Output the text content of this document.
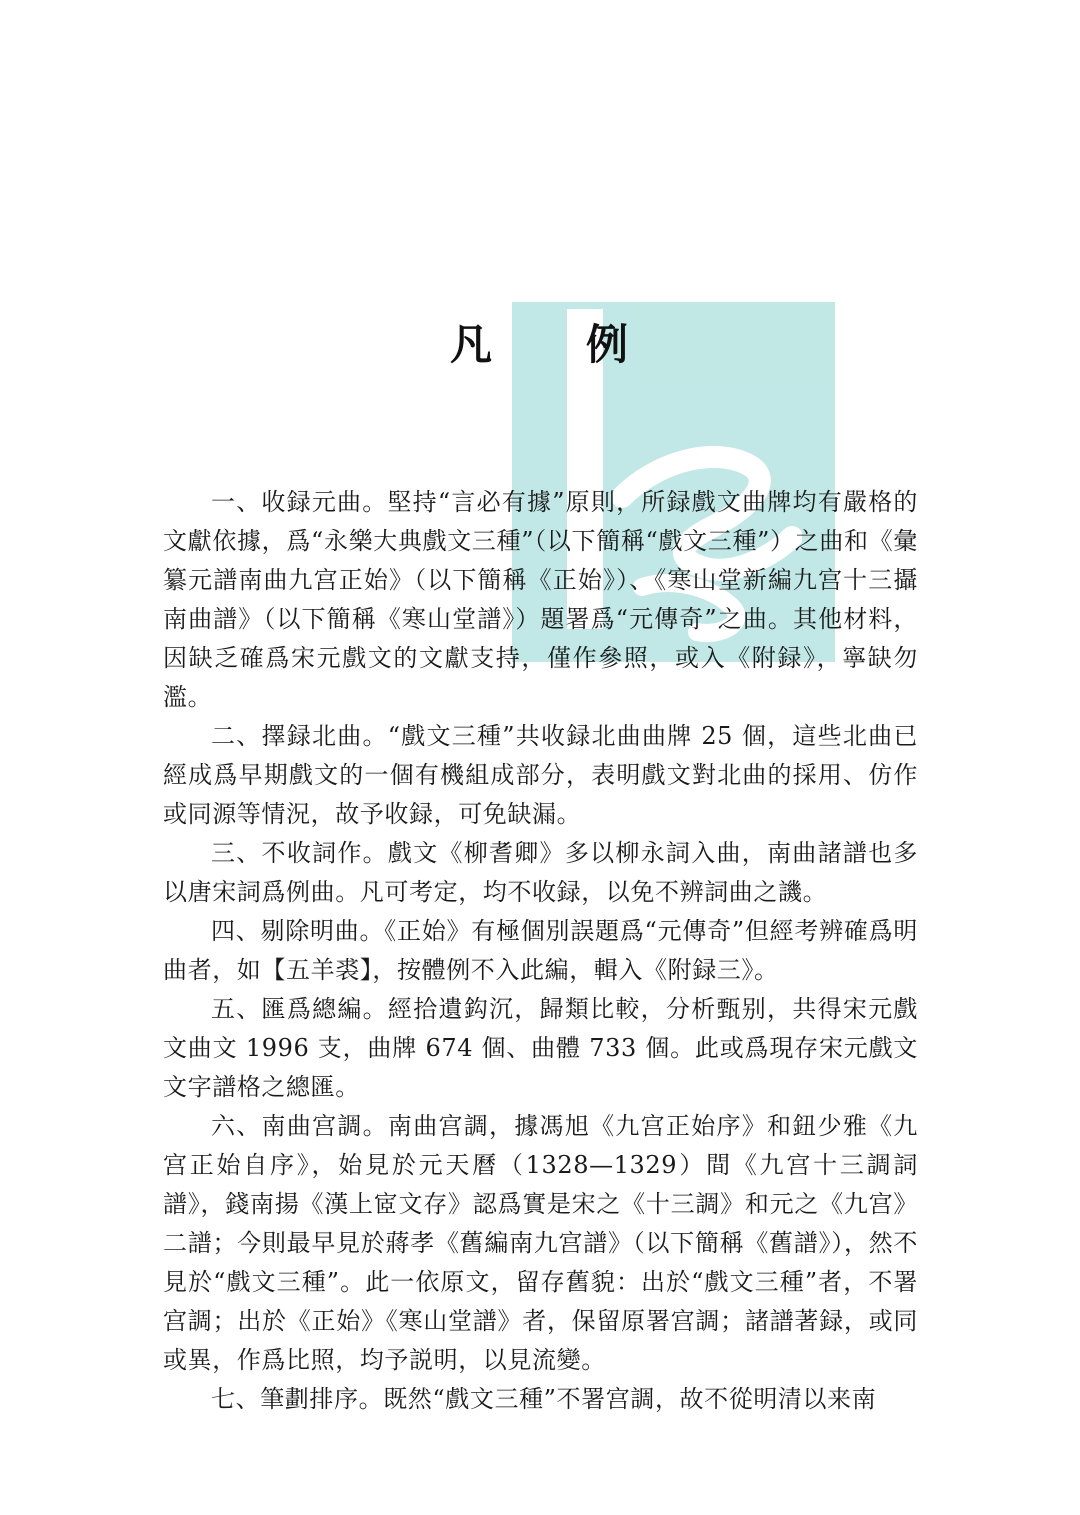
凡 例

一、收録元曲。堅持“言必有據”原則，所録戲文曲牌均有嚴格的文獻依據，爲“永樂大典戲文三種”（以下簡稱“戲文三種”）之曲和《彙纂元譜南曲九宫正始》（以下簡稱《正始》）、《寒山堂新編九宫十三攝南曲譜》（以下簡稱《寒山堂譜》）題署爲“元傳奇”之曲。其他材料，因缺乏確爲宋元戲文的文獻支持，僅作參照，或入《附録》，寧缺勿濫。

二、擇録北曲。“戲文三種”共收録北曲曲牌 25 個，這些北曲已經成爲早期戲文的一個有機組成部分，表明戲文對北曲的採用、仿作或同源等情況，故予收録，可免缺漏。

三、不收詞作。戲文《柳耆卿》多以柳永詞入曲，南曲諸譜也多以唐宋詞爲例曲。凡可考定，均不收録，以免不辨詞曲之譏。

四、剔除明曲。《正始》有極個別誤題爲“元傳奇”但經考辨確爲明曲者，如【五羊裘】，按體例不入此編，輯入《附録三》。

五、匯爲總編。經拾遺鈎沉，歸類比較，分析甄别，共得宋元戲文曲文 1996 支，曲牌 674 個、曲體 733 個。此或爲現存宋元戲文文字譜格之總匯。

六、南曲宫調。南曲宫調，據馮旭《九宫正始序》和鈕少雅《九宫正始自序》，始見於元天曆（1328—1329）間《九宫十三調詞譜》，錢南揚《漢上宧文存》認爲實是宋之《十三調》和元之《九宫》二譜；今則最早見於蔣孝《舊編南九宫譜》（以下簡稱《舊譜》），然不見於“戲文三種”。此一依原文，留存舊貌：出於“戲文三種”者，不署宫調；出於《正始》《寒山堂譜》者，保留原署宫調；諸譜著録，或同或異，作爲比照，均予説明，以見流變。

七、筆劃排序。既然“戲文三種”不署宫調，故不從明清以来南
